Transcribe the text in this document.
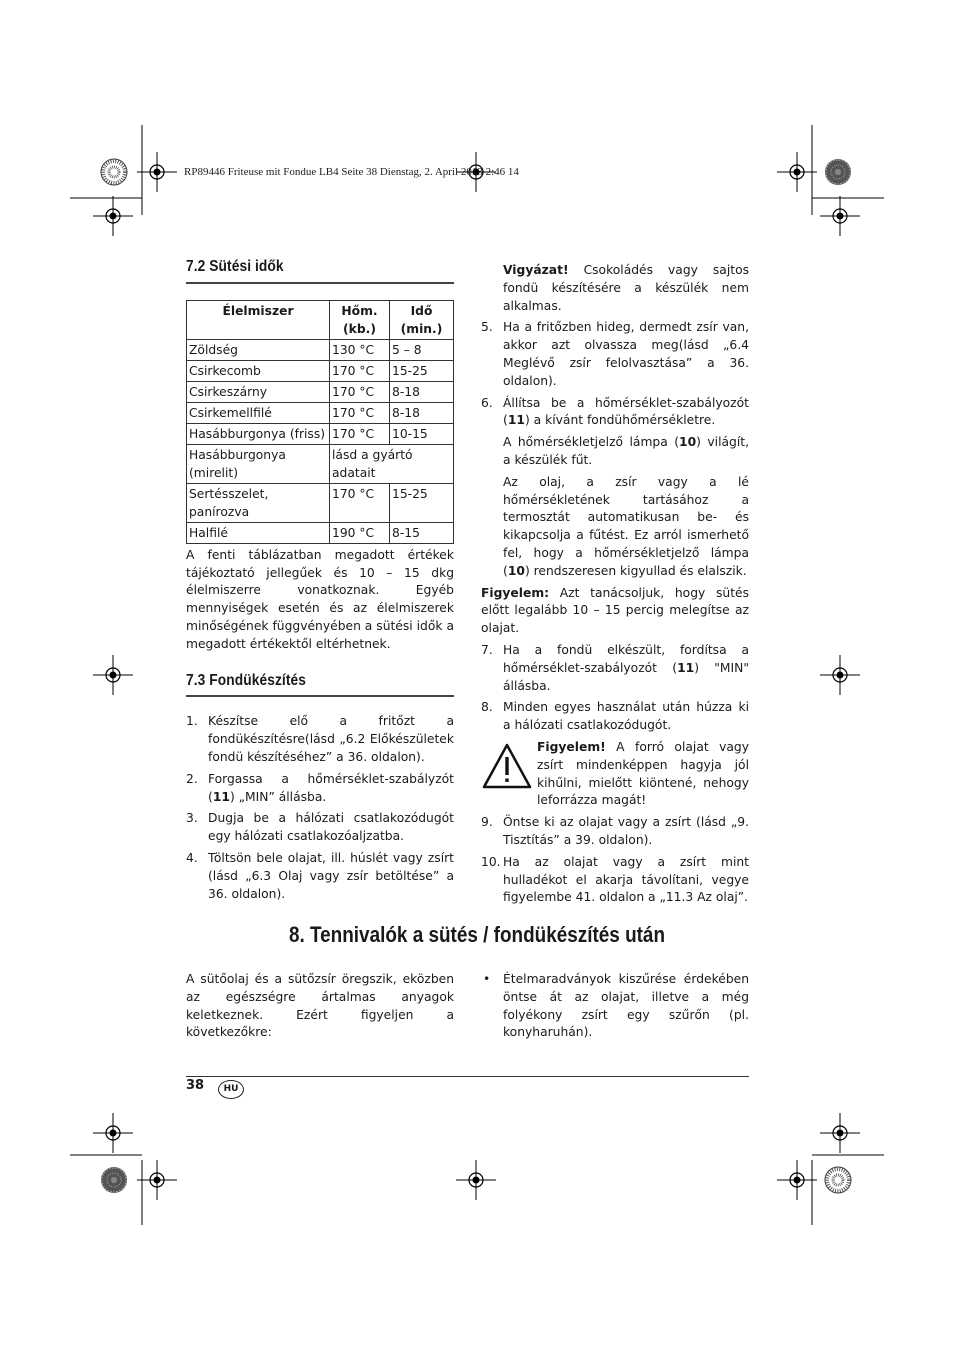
RP89446 Friteuse mit Fondue LB4 Seite 38 Dienstag, 2. April 2013 2:46 14
7.2 Sütési idők
Élelmiszer	Hőm. (kb.)	Idő (min.)
Zöldség	130 °C	5 – 8
Csirkecomb	170 °C	15-25
Csirkeszárny	170 °C	8-18
Csirkemellfilé	170 °C	8-18
Hasábburgonya (friss)	170 °C	10-15
Hasábburgonya (mirelit)	lásd a gyártó adatait	
Sertésszelet, panírozva	170 °C	15-25
Halfilé	190 °C	8-15

A fenti táblázatban megadott értékek tájékoztató jellegűek és 10 – 15 dkg élelmiszerre vonatkoznak. Egyéb mennyiségek esetén és az élelmiszerek minőségének függvényében a sütési idők a megadott értékektől eltérhetnek.

7.3 Fondükészítés
1. Készítse elő a fritőzt a fondükészítésre(lásd „6.2 Előkészületek fondü készítéséhez” a 36. oldalon).
2. Forgassa a hőmérséklet-szabályzót (11) „MIN” állásba.
3. Dugja be a hálózati csatlakozódugót egy hálózati csatlakozóaljzatba.
4. Töltsön bele olajat, ill. húslét vagy zsírt (lásd „6.3 Olaj vagy zsír betöltése” a 36. oldalon).
Vigyázat! Csokoládés vagy sajtos fondü készítésére a készülék nem alkalmas.
5. Ha a fritőzben hideg, dermedt zsír van, akkor azt olvassza meg(lásd „6.4 Meglévő zsír felolvasztása” a 36. oldalon).
6. Állítsa be a hőmérséklet-szabályozót (11) a kívánt fondühőmérsékletre.
A hőmérsékletjelző lámpa (10) világít, a készülék fűt.
Az olaj, a zsír vagy a lé hőmérsékletének tartásához a termosztát automatikusan be- és kikapcsolja a fűtést. Ez arról ismerhető fel, hogy a hőmérsékletjelző lámpa (10) rendszeresen kigyullad és elalszik.

Figyelem: Azt tanácsoljuk, hogy sütés előtt legalább 10 – 15 percig melegítse az olajat.

7. Ha a fondü elkészült, fordítsa a hőmérséklet-szabályozót (11) "MIN" állásba.
8. Minden egyes használat után húzza ki a hálózati csatlakozódugót.
Figyelem! A forró olajat vagy zsírt mindenképpen hagyja jól kihűlni, mielőtt kiöntené, nehogy leforrázza magát!
9. Öntse ki az olajat vagy a zsírt (lásd „9. Tisztítás” a 39. oldalon).
10. Ha az olajat vagy a zsírt mint hulladékot el akarja távolítani, vegye figyelembe 41. oldalon a „11.3 Az olaj”.
8. Tennivalók a sütés / fondükészítés után
A sütőolaj és a sütőzsír öregszik, eközben az egészségre ártalmas anyagok keletkeznek. Ezért figyeljen a következőkre:
• Ételmaradványok kiszűrése érdekében öntse át az olajat, illetve a még folyékony zsírt egy szűrőn (pl. konyharuhán).
38	HU
